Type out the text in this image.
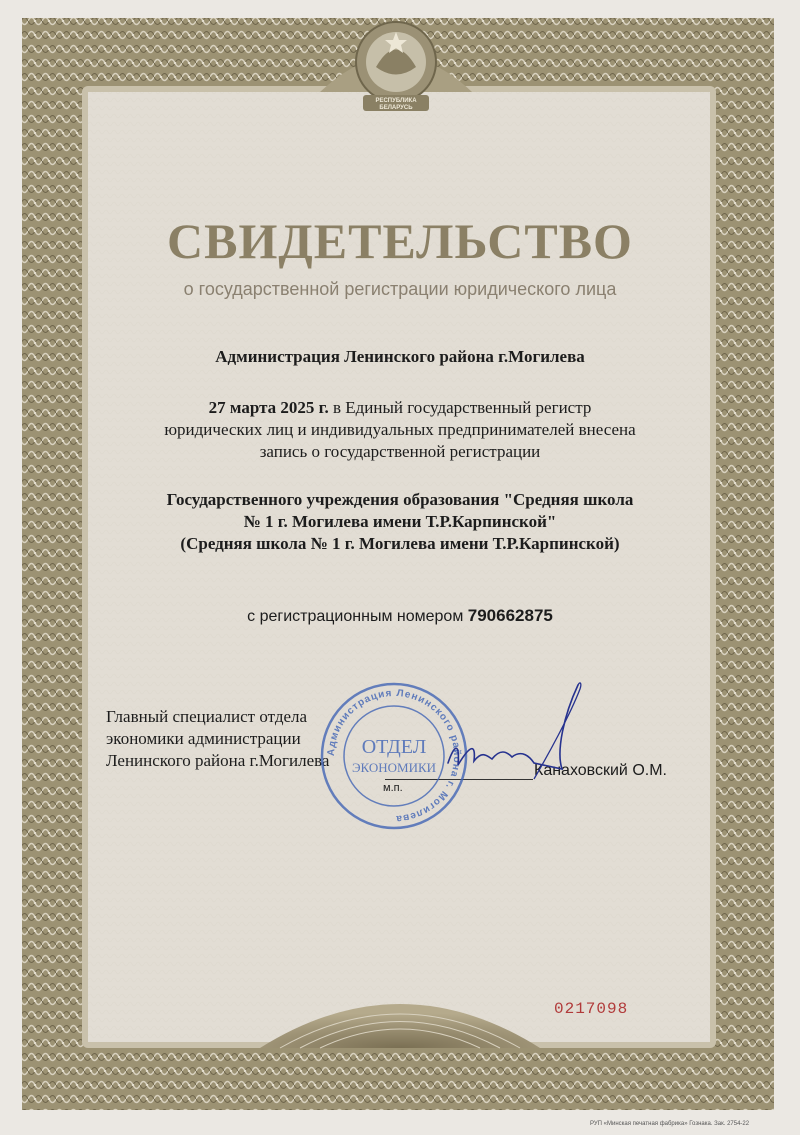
РЕСПУБЛИКА
БЕЛАРУСЬ
СВИДЕТЕЛЬСТВО
о государственной регистрации юридического лица
Администрация Ленинского района г.Могилева
27 марта 2025 г. в Единый государственный регистр
юридических лиц и индивидуальных предпринимателей внесена
запись о государственной регистрации
Государственного учреждения образования "Средняя школа
№ 1 г. Могилева имени Т.Р.Карпинской"
(Средняя школа № 1 г. Могилева имени Т.Р.Карпинской)
с регистрационным номером 790662875
Главный специалист отдела
экономики администрации
Ленинского района г.Могилева
м.п.
Канаховский О.М.
Администрация Ленинского района г. Могилева
ОТДЕЛ
ЭКОНОМИКИ
0217098
РУП «Минская печатная фабрика» Гознака. Зак. 2754-22
